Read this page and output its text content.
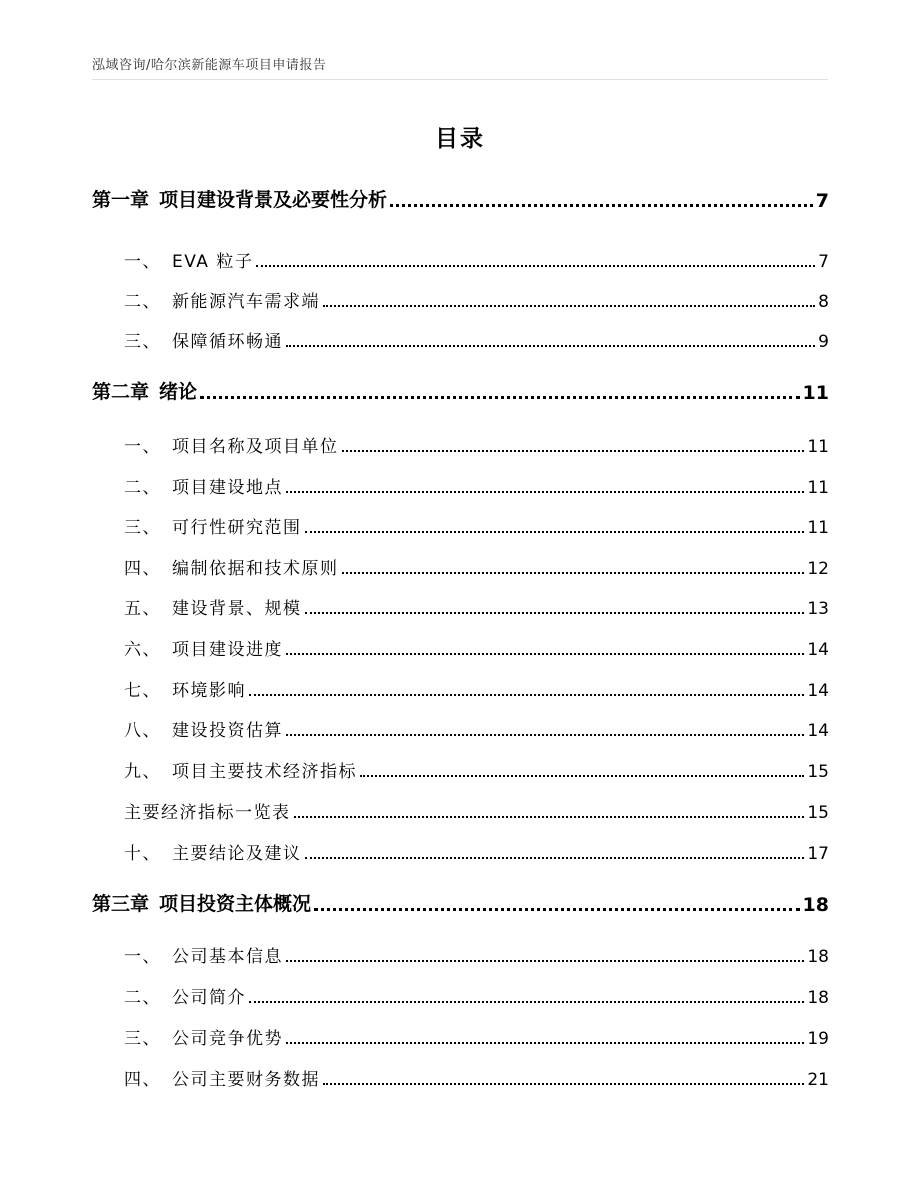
泓域咨询/哈尔滨新能源车项目申请报告
目录
第一章 项目建设背景及必要性分析	7
一、 EVA 粒子	7
二、 新能源汽车需求端	8
三、 保障循环畅通	9
第二章 绪论	11
一、 项目名称及项目单位	11
二、 项目建设地点	11
三、 可行性研究范围	11
四、 编制依据和技术原则	12
五、 建设背景、规模	13
六、 项目建设进度	14
七、 环境影响	14
八、 建设投资估算	14
九、 项目主要技术经济指标	15
主要经济指标一览表	15
十、 主要结论及建议	17
第三章 项目投资主体概况	18
一、 公司基本信息	18
二、 公司简介	18
三、 公司竞争优势	19
四、 公司主要财务数据	21
